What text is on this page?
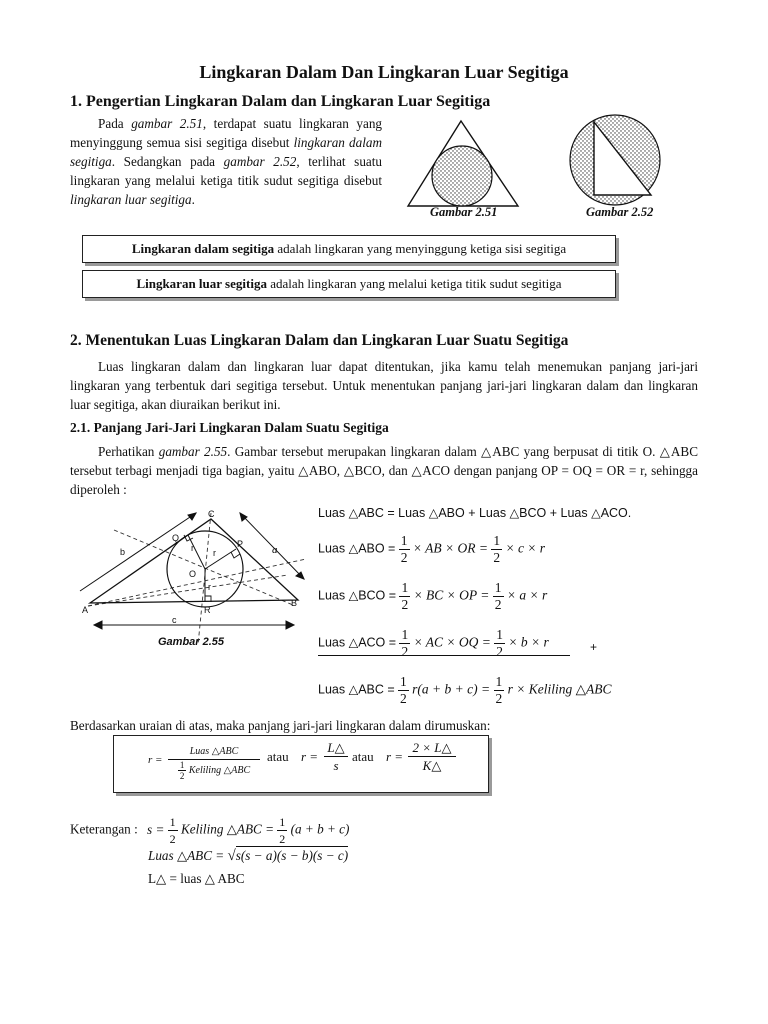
Lingkaran Dalam Dan Lingkaran Luar Segitiga
1. Pengertian Lingkaran Dalam dan Lingkaran Luar Segitiga
Pada gambar 2.51, terdapat suatu lingkaran yang menyinggung semua sisi segitiga disebut lingkaran dalam segitiga. Sedangkan pada gambar 2.52, terlihat suatu lingkaran yang melalui ketiga titik sudut segitiga disebut lingkaran luar segitiga.
Gambar 2.51	Gambar 2.52
Lingkaran dalam segitiga adalah lingkaran yang menyinggung ketiga sisi segitiga
Lingkaran luar segitiga adalah lingkaran yang melalui ketiga titik sudut segitiga
2. Menentukan Luas Lingkaran Dalam dan Lingkaran Luar Suatu Segitiga
Luas lingkaran dalam dan lingkaran luar dapat ditentukan, jika kamu telah menemukan panjang jari-jari lingkaran yang terbentuk dari segitiga tersebut. Untuk menentukan panjang jari-jari lingkaran dalam dan lingkaran luar segitiga, akan diuraikan berikut ini.
2.1. Panjang Jari-Jari Lingkaran Dalam Suatu Segitiga
Perhatikan gambar 2.55. Gambar tersebut merupakan lingkaran dalam △ABC yang berpusat di titik O. △ABC tersebut terbagi menjadi tiga bagian, yaitu △ABO, △BCO, dan △ACO dengan panjang OP = OQ = OR = r, sehingga diperoleh :
C
A
B
O
P
Q
R
b
c
r r
r
a
Gambar 2.55
Luas △ABC = Luas △ABO + Luas △BCO + Luas △ACO.
Luas △ABO = $\frac{1}{2}$ × AB × OR = $\frac{1}{2} \times c \times r$
Luas △BCO = $\frac{1}{2}$ × BC × OP = $\frac{1}{2} \times a \times r$
Luas △ACO = $\frac{1}{2}$ × AC × OQ = $\frac{1}{2} \times b \times r$	+
Luas △ABC = $\frac{1}{2} r(a + b + c) = \frac{1}{2}$ r × Keliling △ABC
Berdasarkan uraian di atas, maka panjang jari-jari lingkaran dalam dirumuskan:
r =
Luas △ABC
$\frac{1}{2}$ Keliling △ABC
atau $r = \frac{L\triangle}{s}$ atau $r = \frac{2 \times L\triangle}{K\triangle}$
Keterangan : $s = \frac{1}{2}$ Keliling △ABC = $\frac{1}{2} (a + b + c)$
Luas △ABC = √s(s − a)(s − b)(s − c)
L△ = luas △ ABC
